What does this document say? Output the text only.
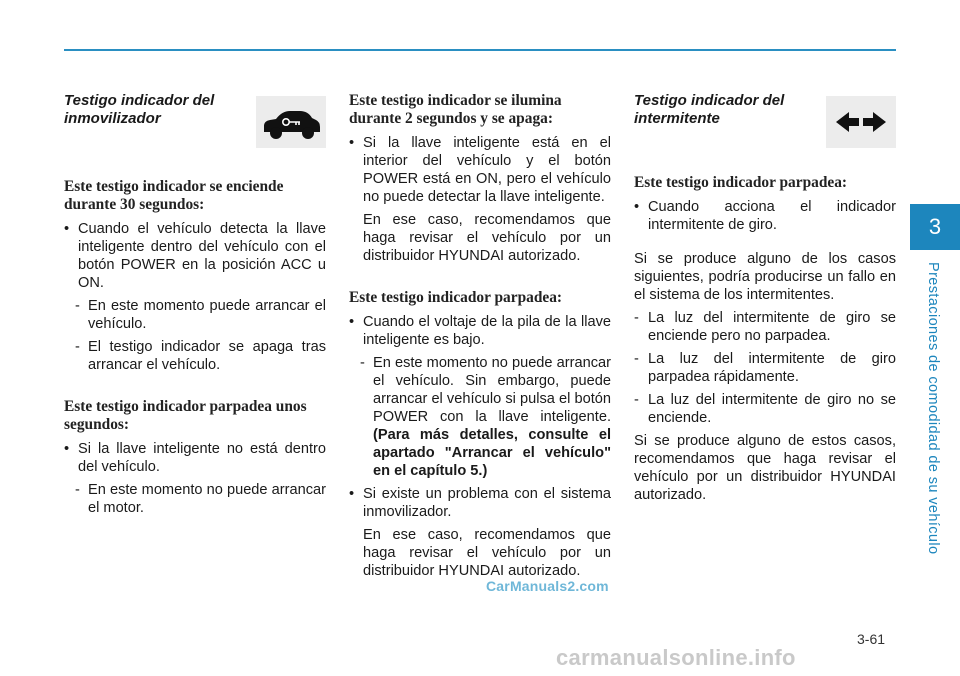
3
Prestaciones de comodidad de su vehículo
Testigo indicador del inmovilizador
Este testigo indicador se enciende durante 30 segundos:
• Cuando el vehículo detecta la llave inteligente dentro del vehículo con el botón POWER en la posición ACC u ON.
- En este momento puede arrancar el vehículo.
- El testigo indicador se apaga tras arrancar el vehículo.
Este testigo indicador parpadea unos segundos:
• Si la llave inteligente no está dentro del vehículo.
- En este momento no puede arrancar el motor.
Este testigo indicador se ilumina durante 2 segundos y se apaga:
• Si la llave inteligente está en el interior del vehículo y el botón POWER está en ON, pero el vehículo no puede detectar la llave inteligente.
En ese caso, recomendamos que haga revisar el vehículo por un distribuidor HYUNDAI autorizado.
Este testigo indicador parpadea:
• Cuando el voltaje de la pila de la llave inteligente es bajo.
- En este momento no puede arrancar el vehículo. Sin embargo, puede arrancar el vehículo si pulsa el botón POWER con la llave inteligente. (Para más detalles, consulte el apartado "Arrancar el vehículo" en el capítulo 5.)
• Si existe un problema con el sistema inmovilizador.
En ese caso, recomendamos que haga revisar el vehículo por un distribuidor HYUNDAI autorizado.
Testigo indicador del intermitente
Este testigo indicador parpadea:
• Cuando acciona el indicador intermitente de giro.
Si se produce alguno de los casos siguientes, podría producirse un fallo en el sistema de los intermitentes.
- La luz del intermitente de giro se enciende pero no parpadea.
- La luz del intermitente de giro parpadea rápidamente.
- La luz del intermitente de giro no se enciende.
Si se produce alguno de estos casos, recomendamos que haga revisar el vehículo por un distribuidor HYUNDAI autorizado.
CarManuals2.com
3-61
carmanualsonline.info
